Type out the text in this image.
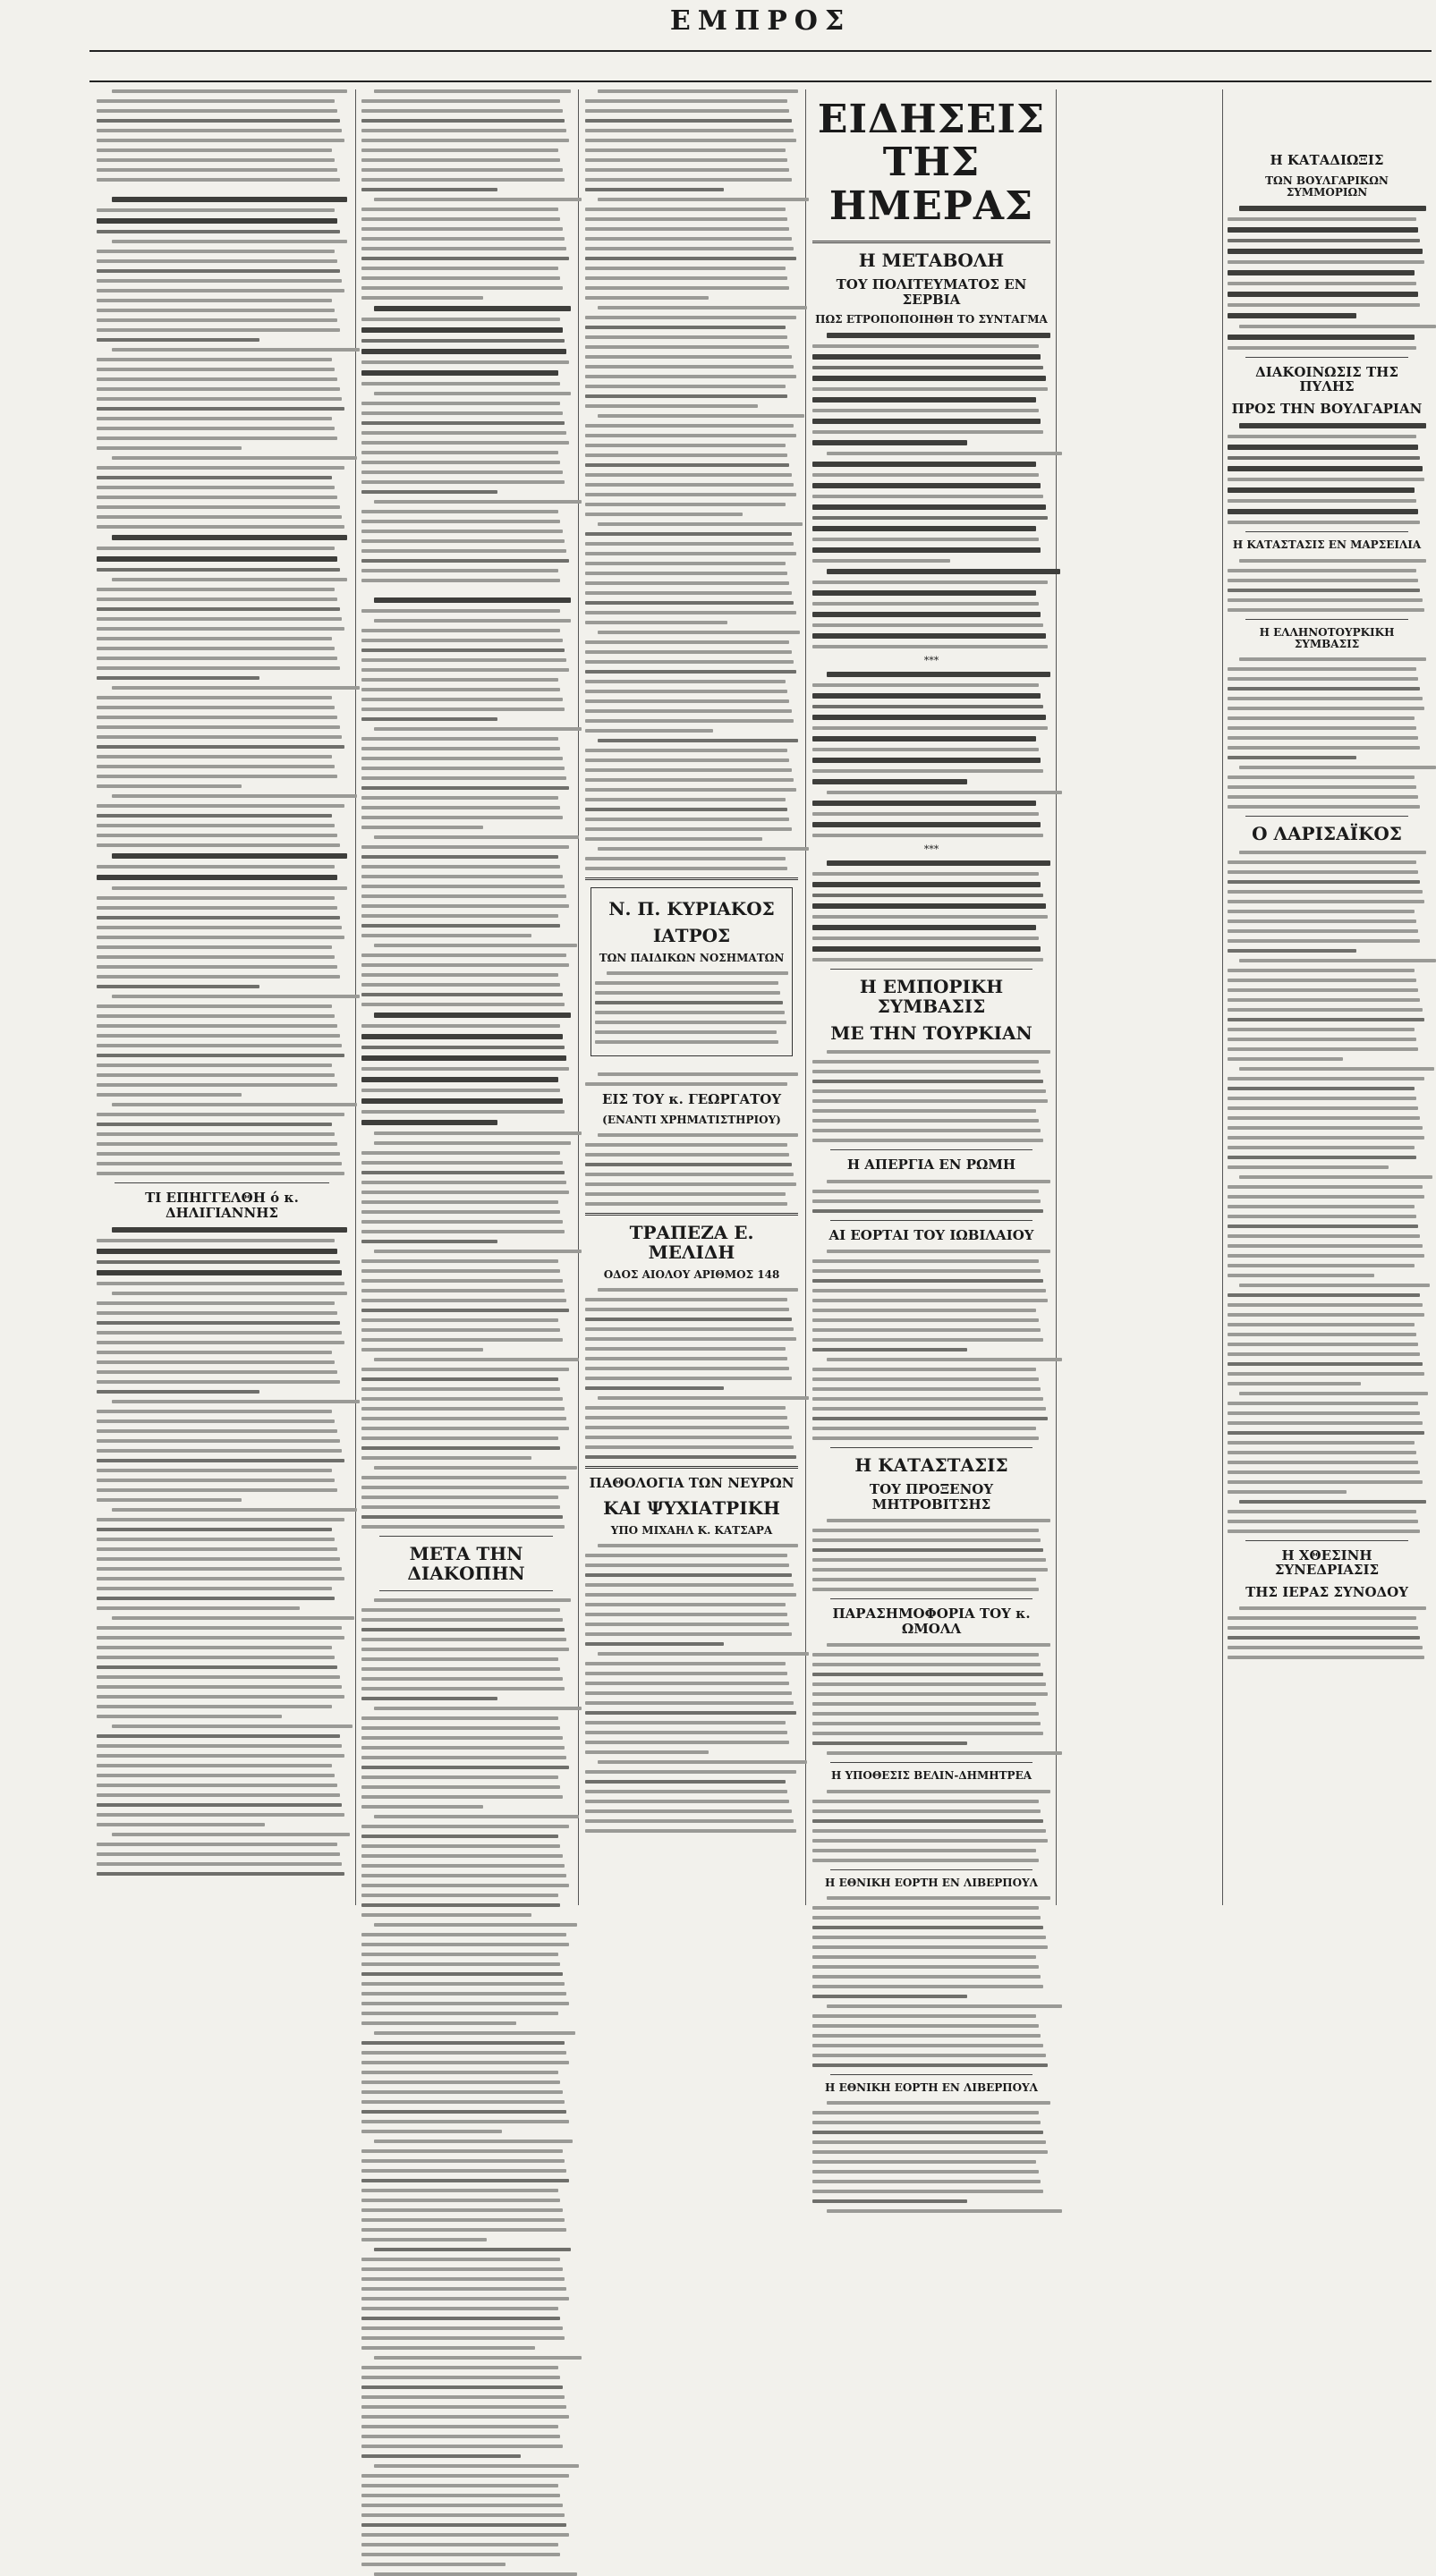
ΕΜΠΡΟΣ
ΤΙ ΕΠΗΓΓΕΛΘΗ ό κ. ΔΗΛΙΓΙΑΝΝΗΣ
ΜΕΤΑ ΤΗΝ ΔΙΑΚΟΠΗΝ
Ν. Π. ΚΥΡΙΑΚΟΣ
ΙΑΤΡΟΣ
ΤΩΝ ΠΑΙΔΙΚΩΝ ΝΟΣΗΜΑΤΩΝ
ΕΙΣ ΤΟΥ κ. ΓΕΩΡΓΑΤΟΥ
(ΕΝΑΝΤΙ ΧΡΗΜΑΤΙΣΤΗΡΙΟΥ)
ΤΡΑΠΕΖΑ Ε. ΜΕΛΙΔΗ
ΟΔΟΣ ΑΙΟΛΟΥ ΑΡΙΘΜΟΣ 148
ΠΑΘΟΛΟΓΙΑ ΤΩΝ ΝΕΥΡΩΝ
ΚΑΙ ΨΥΧΙΑΤΡΙΚΗ
ΥΠΟ ΜΙΧΑΗΛ Κ. ΚΑΤΣΑΡΑ
ΕΙΔΗΣΕΙΣ ΤΗΣ ΗΜΕΡΑΣ
Η ΜΕΤΑΒΟΛΗ
ΤΟΥ ΠΟΛΙΤΕΥΜΑΤΟΣ ΕΝ ΣΕΡΒΙΑ
ΠΩΣ ΕΤΡΟΠΟΠΟΙΗΘΗ ΤΟ ΣΥΝΤΑΓΜΑ
***
***
Η ΕΜΠΟΡΙΚΗ ΣΥΜΒΑΣΙΣ
ΜΕ ΤΗΝ ΤΟΥΡΚΙΑΝ
Η ΑΠΕΡΓΙΑ ΕΝ ΡΩΜΗ
ΑΙ ΕΟΡΤΑΙ ΤΟΥ ΙΩΒΙΛΑΙΟΥ
Η ΚΑΤΑΣΤΑΣΙΣ
ΤΟΥ ΠΡΟΞΕΝΟΥ ΜΗΤΡΟΒΙΤΣΗΣ
ΠΑΡΑΣΗΜΟΦΟΡΙΑ ΤΟΥ κ. ΩΜΟΛΛ
Η ΥΠΟΘΕΣΙΣ ΒΕΛΙΝ-ΔΗΜΗΤΡΕΑ
Η ΕΘΝΙΚΗ ΕΟΡΤΗ ΕΝ ΛΙΒΕΡΠΟΥΛ
Η ΕΘΝΙΚΗ ΕΟΡΤΗ ΕΝ ΛΙΒΕΡΠΟΥΛ
Η ΚΑΤΑΔΙΩΞΙΣ
ΤΩΝ ΒΟΥΛΓΑΡΙΚΩΝ ΣΥΜΜΟΡΙΩΝ
ΔΙΑΚΟΙΝΩΣΙΣ ΤΗΣ ΠΥΛΗΣ
ΠΡΟΣ ΤΗΝ ΒΟΥΛΓΑΡΙΑΝ
Η ΚΑΤΑΣΤΑΣΙΣ ΕΝ ΜΑΡΣΕΙΛΙΑ
Η ΕΛΛΗΝΟΤΟΥΡΚΙΚΗ ΣΥΜΒΑΣΙΣ
Ο ΛΑΡΙΣΑΪΚΟΣ
Η ΧΘΕΣΙΝΗ ΣΥΝΕΔΡΙΑΣΙΣ
ΤΗΣ ΙΕΡΑΣ ΣΥΝΟΔΟΥ
